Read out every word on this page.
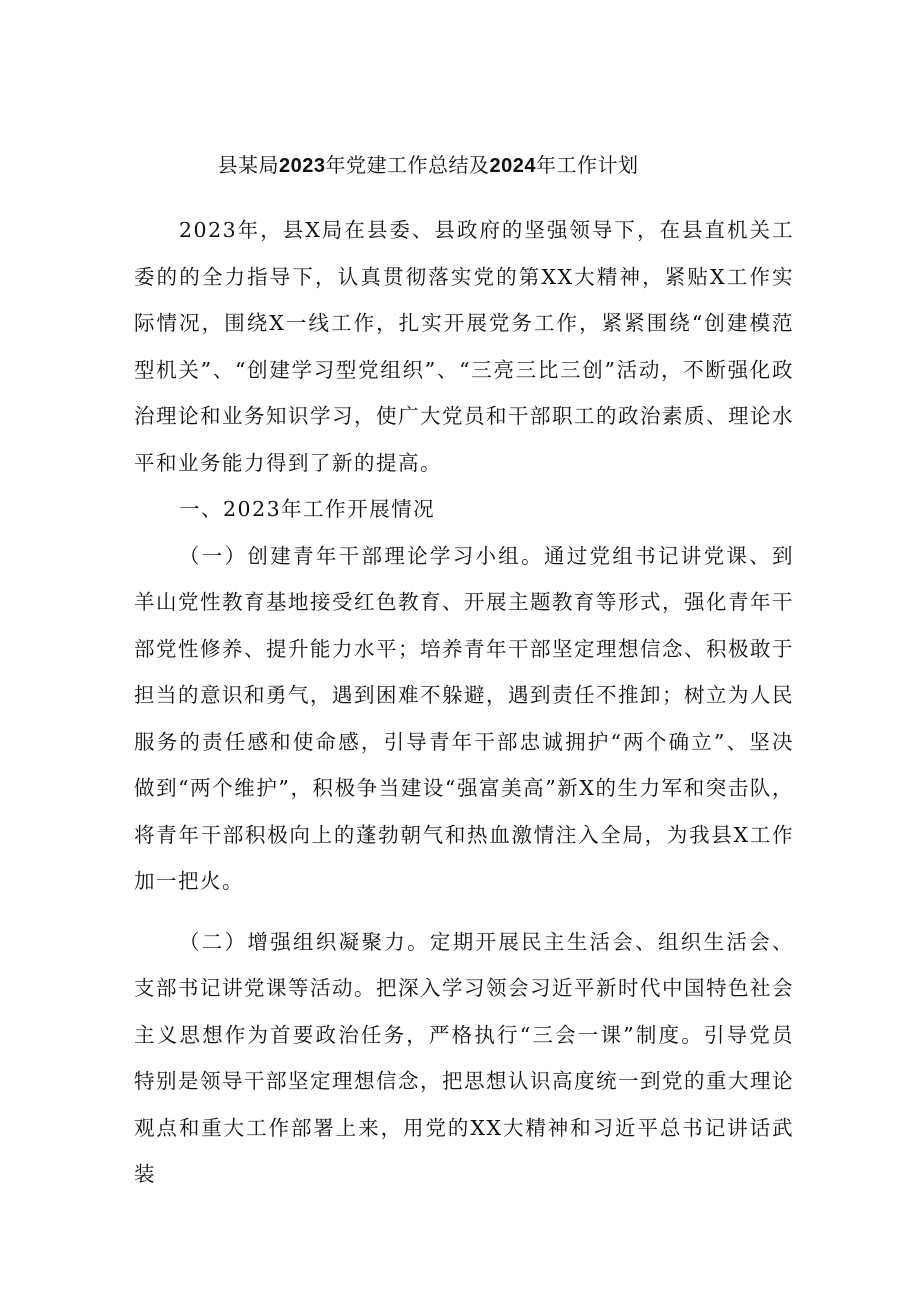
县某局2023年党建工作总结及2024年工作计划

2023年，县X局在县委、县政府的坚强领导下，在县直机关工委的的全力指导下，认真贯彻落实党的第XX大精神，紧贴X工作实际情况，围绕X一线工作，扎实开展党务工作，紧紧围绕“创建模范型机关”、“创建学习型党组织”、“三亮三比三创”活动，不断强化政治理论和业务知识学习，使广大党员和干部职工的政治素质、理论水平和业务能力得到了新的提高。

一、2023年工作开展情况

（一）创建青年干部理论学习小组。通过党组书记讲党课、到羊山党性教育基地接受红色教育、开展主题教育等形式，强化青年干部党性修养、提升能力水平；培养青年干部坚定理想信念、积极敢于担当的意识和勇气，遇到困难不躲避，遇到责任不推卸；树立为人民服务的责任感和使命感，引导青年干部忠诚拥护“两个确立”、坚决做到“两个维护”，积极争当建设“强富美高”新X的生力军和突击队，将青年干部积极向上的蓬勃朝气和热血激情注入全局，为我县X工作加一把火。

（二）增强组织凝聚力。定期开展民主生活会、组织生活会、支部书记讲党课等活动。把深入学习领会习近平新时代中国特色社会主义思想作为首要政治任务，严格执行“三会一课”制度。引导党员特别是领导干部坚定理想信念，把思想认识高度统一到党的重大理论观点和重大工作部署上来，用党的XX大精神和习近平总书记讲话武装
